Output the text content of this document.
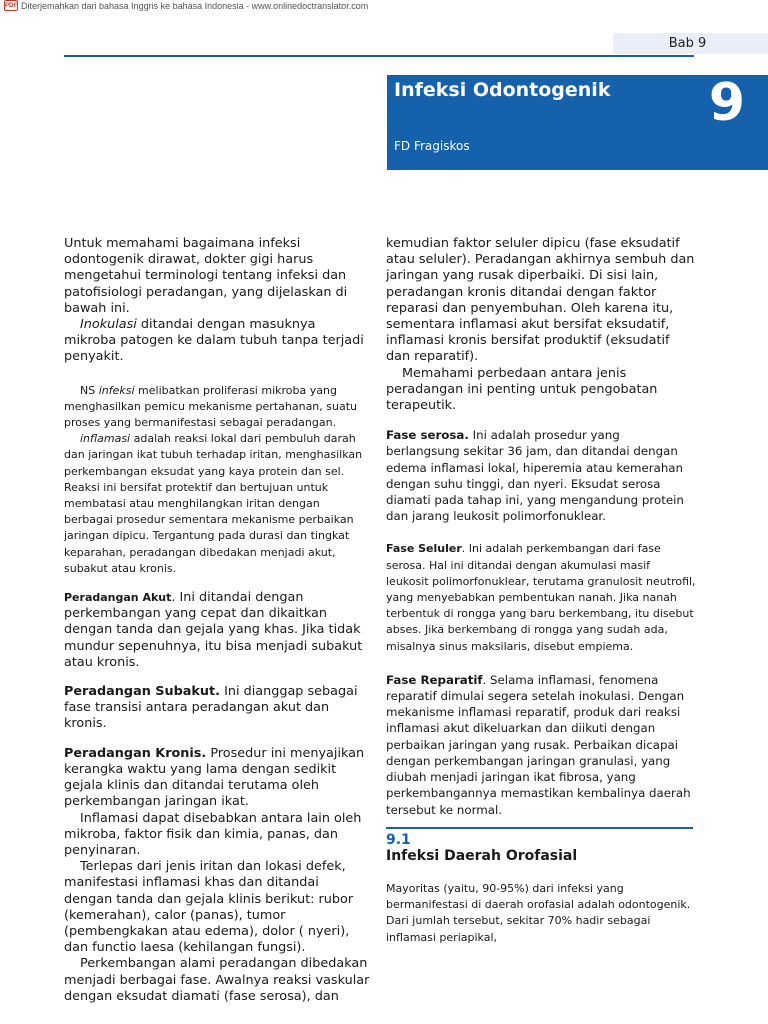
PDF Diterjemahkan dari bahasa Inggris ke bahasa Indonesia - www.onlinedoctranslator.com
Bab 9
Infeksi Odontogenik
FD Fragiskos
9

Untuk memahami bagaimana infeksi odontogenik dirawat, dokter gigi harus mengetahui terminologi tentang infeksi dan patofisiologi peradangan, yang dijelaskan di bawah ini.

Inokulasi ditandai dengan masuknya mikroba patogen ke dalam tubuh tanpa terjadi penyakit.

NS infeksi melibatkan proliferasi mikroba yang menghasilkan pemicu mekanisme pertahanan, suatu proses yang bermanifestasi sebagai peradangan.

inflamasi adalah reaksi lokal dari pembuluh darah dan jaringan ikat tubuh terhadap iritan, menghasilkan perkembangan eksudat yang kaya protein dan sel. Reaksi ini bersifat protektif dan bertujuan untuk membatasi atau menghilangkan iritan dengan berbagai prosedur sementara mekanisme perbaikan jaringan dipicu. Tergantung pada durasi dan tingkat keparahan, peradangan dibedakan menjadi akut, subakut atau kronis.

Peradangan Akut. Ini ditandai dengan perkembangan yang cepat dan dikaitkan dengan tanda dan gejala yang khas. Jika tidak mundur sepenuhnya, itu bisa menjadi subakut atau kronis.

Peradangan Subakut. Ini dianggap sebagai fase transisi antara peradangan akut dan kronis.

Peradangan Kronis. Prosedur ini menyajikan kerangka waktu yang lama dengan sedikit gejala klinis dan ditandai terutama oleh perkembangan jaringan ikat.

Inflamasi dapat disebabkan antara lain oleh mikroba, faktor fisik dan kimia, panas, dan penyinaran.

Terlepas dari jenis iritan dan lokasi defek, manifestasi inflamasi khas dan ditandai dengan tanda dan gejala klinis berikut: rubor (kemerahan), calor (panas), tumor (pembengkakan atau edema), dolor ( nyeri), dan functio laesa (kehilangan fungsi).

Perkembangan alami peradangan dibedakan menjadi berbagai fase. Awalnya reaksi vaskular dengan eksudat diamati (fase serosa), dan

kemudian faktor seluler dipicu (fase eksudatif atau seluler). Peradangan akhirnya sembuh dan jaringan yang rusak diperbaiki. Di sisi lain, peradangan kronis ditandai dengan faktor reparasi dan penyembuhan. Oleh karena itu, sementara inflamasi akut bersifat eksudatif, inflamasi kronis bersifat produktif (eksudatif dan reparatif).

Memahami perbedaan antara jenis peradangan ini penting untuk pengobatan terapeutik.

Fase serosa. Ini adalah prosedur yang berlangsung sekitar 36 jam, dan ditandai dengan edema inflamasi lokal, hiperemia atau kemerahan dengan suhu tinggi, dan nyeri. Eksudat serosa diamati pada tahap ini, yang mengandung protein dan jarang leukosit polimorfonuklear.

Fase Seluler. Ini adalah perkembangan dari fase serosa. Hal ini ditandai dengan akumulasi masif leukosit polimorfonuklear, terutama granulosit neutrofil, yang menyebabkan pembentukan nanah. Jika nanah terbentuk di rongga yang baru berkembang, itu disebut abses. Jika berkembang di rongga yang sudah ada, misalnya sinus maksilaris, disebut empiema.

Fase Reparatif. Selama inflamasi, fenomena reparatif dimulai segera setelah inokulasi. Dengan mekanisme inflamasi reparatif, produk dari reaksi inflamasi akut dikeluarkan dan diikuti dengan perbaikan jaringan yang rusak. Perbaikan dicapai dengan perkembangan jaringan granulasi, yang diubah menjadi jaringan ikat fibrosa, yang perkembangannya memastikan kembalinya daerah tersebut ke normal.

9.1
Infeksi Daerah Orofasial

Mayoritas (yaitu, 90-95%) dari infeksi yang bermanifestasi di daerah orofasial adalah odontogenik. Dari jumlah tersebut, sekitar 70% hadir sebagai inflamasi periapikal,
